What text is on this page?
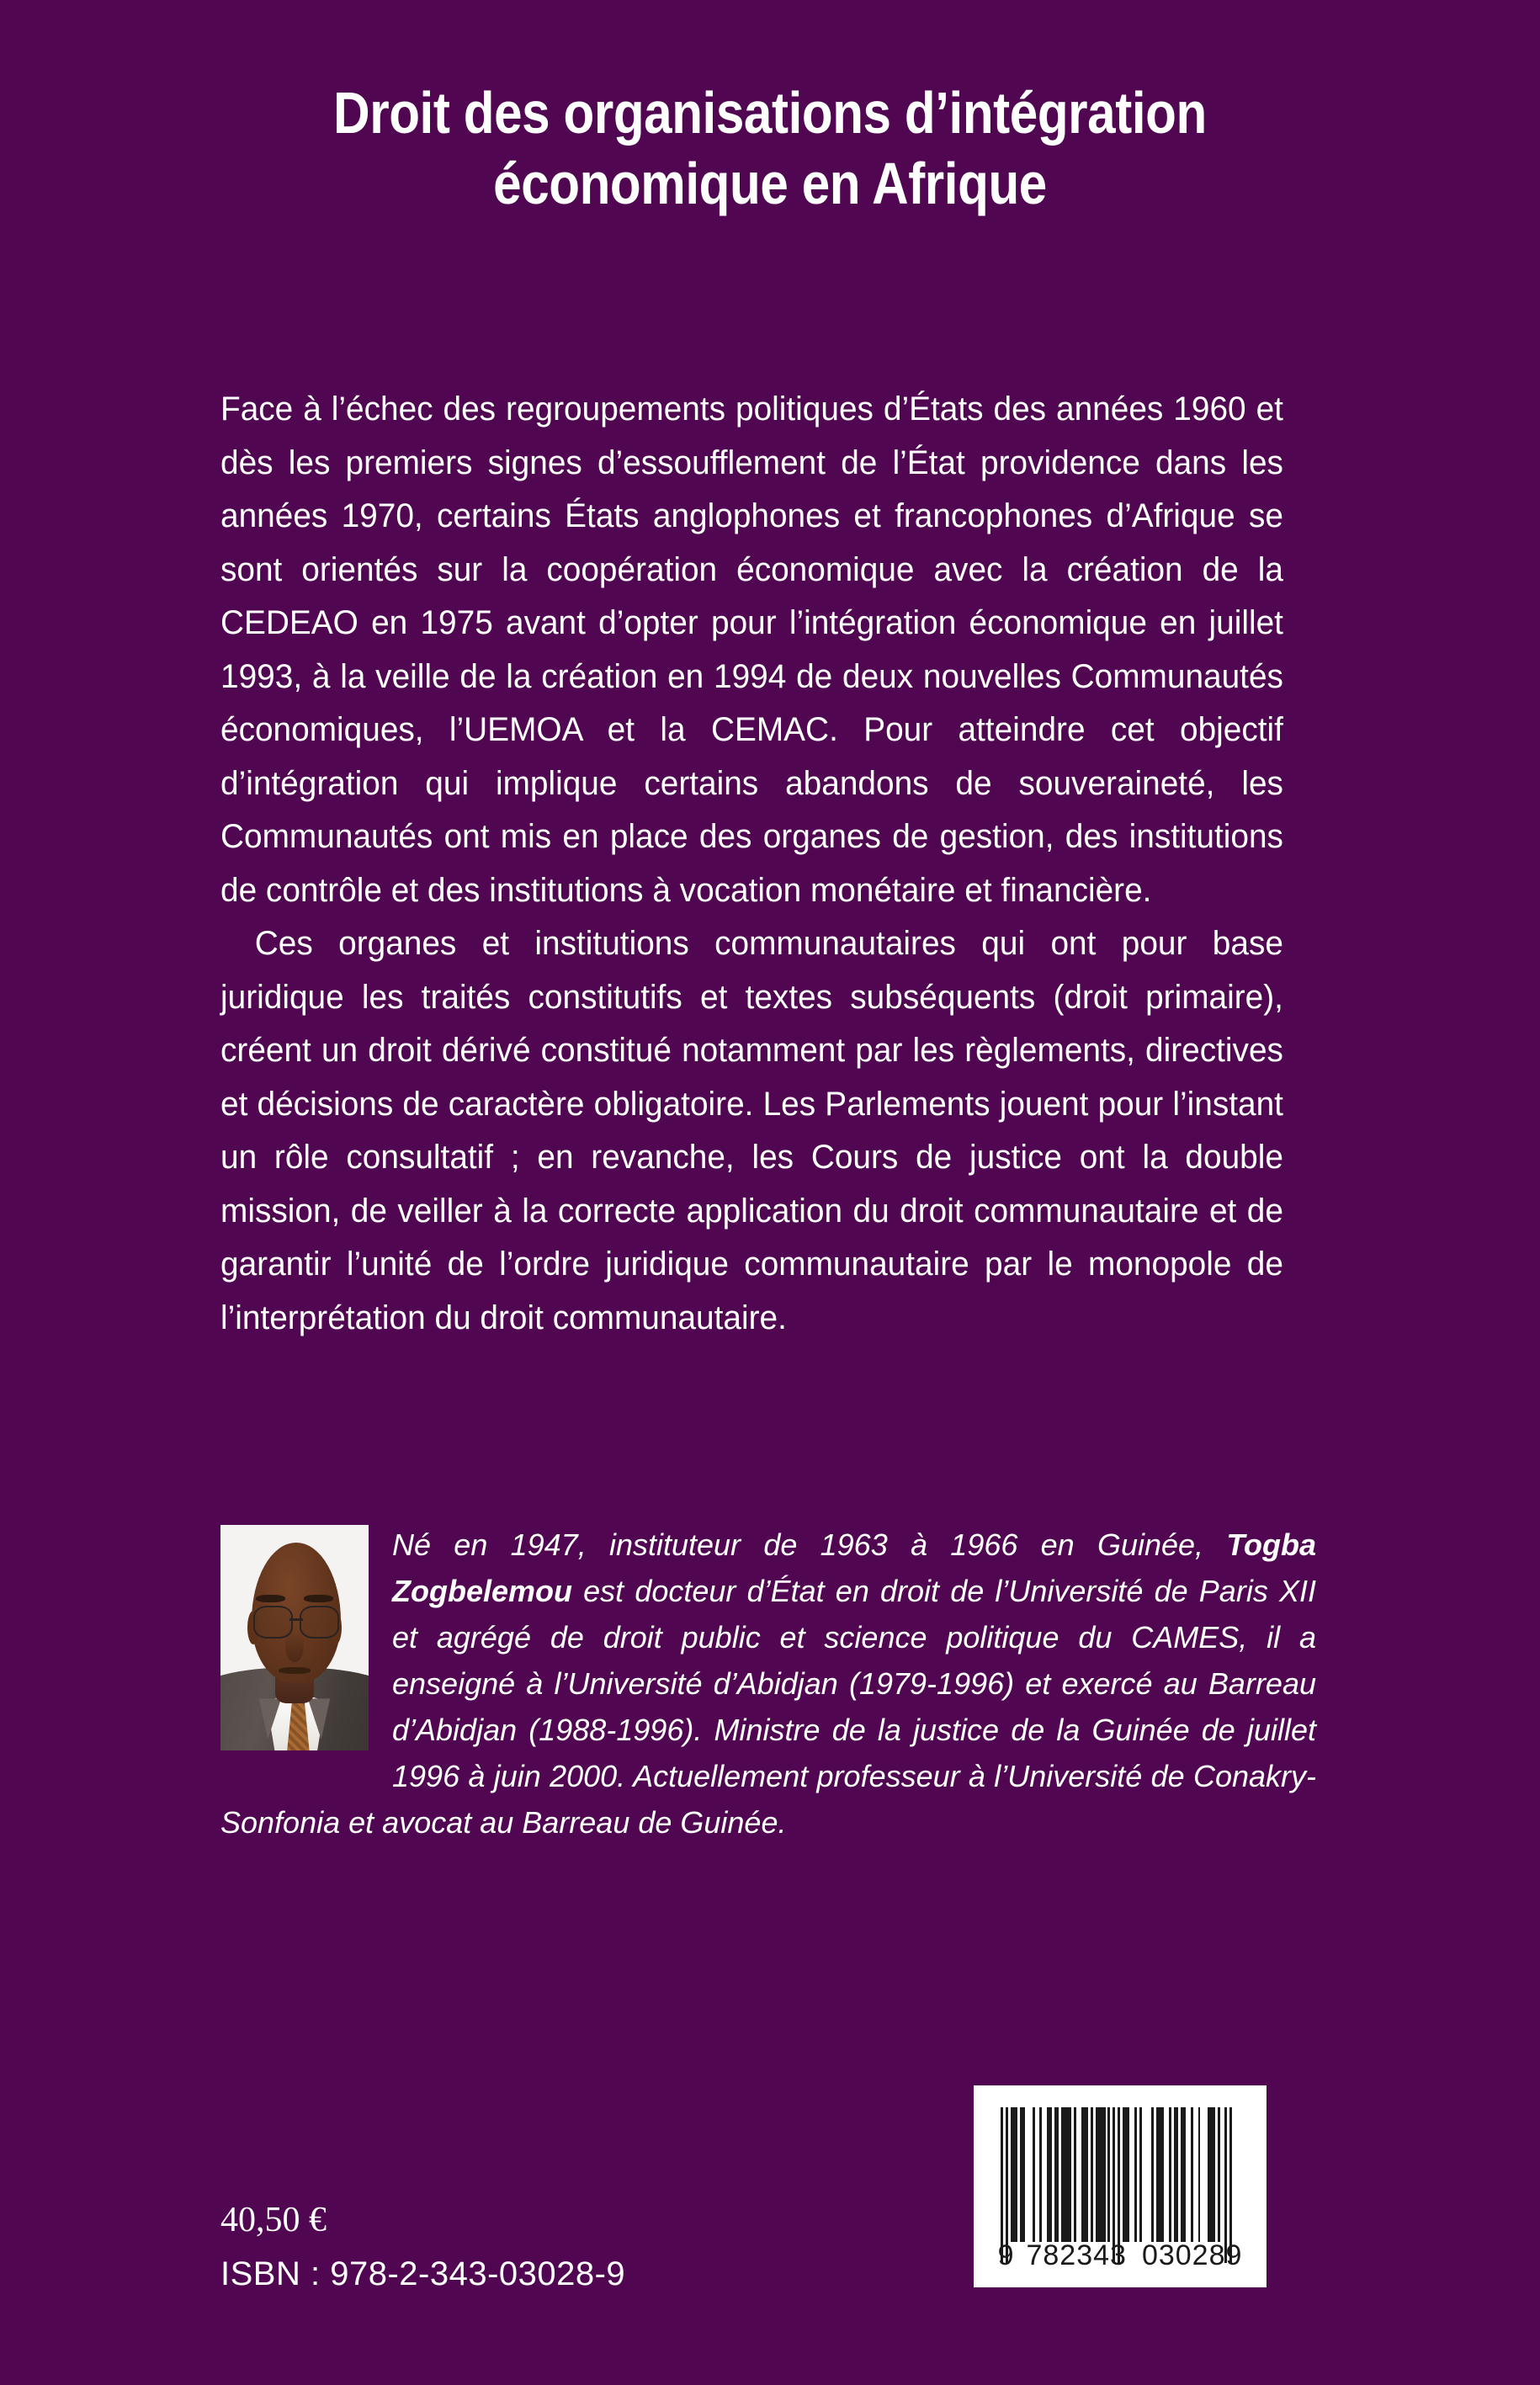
Droit des organisations d’intégration
économique en Afrique

Face à l’échec des regroupements politiques d’États des années 1960 et dès les premiers signes d’essoufflement de l’État providence dans les années 1970, certains États anglophones et francophones d’Afrique se sont orientés sur la coopération économique avec la création de la CEDEAO en 1975 avant d’opter pour l’intégration économique en juillet 1993, à la veille de la création en 1994 de deux nouvelles Communautés économiques, l’UEMOA et la CEMAC. Pour atteindre cet objectif d’intégration qui implique certains abandons de souveraineté, les Communautés ont mis en place des organes de gestion, des institutions de contrôle et des institutions à vocation monétaire et financière.

Ces organes et institutions communautaires qui ont pour base juridique les traités constitutifs et textes subséquents (droit primaire), créent un droit dérivé constitué notamment par les règlements, directives et décisions de caractère obligatoire. Les Parlements jouent pour l’instant un rôle consultatif ; en revanche, les Cours de justice ont la double mission, de veiller à la correcte application du droit communautaire et de garantir l’unité de l’ordre juridique communautaire par le monopole de l’interprétation du droit communautaire.

Né en 1947, instituteur de 1963 à 1966 en Guinée, Togba Zogbelemou est docteur d’État en droit de l’Université de Paris XII et agrégé de droit public et science politique du CAMES, il a enseigné à l’Université d’Abidjan (1979-1996) et exercé au Barreau d’Abidjan (1988-1996). Ministre de la justice de la Guinée de juillet 1996 à juin 2000. Actuellement professeur à l’Université de Conakry-Sonfonia et avocat au Barreau de Guinée.

40,50 €
ISBN : 978-2-343-03028-9	9 782343 030289
